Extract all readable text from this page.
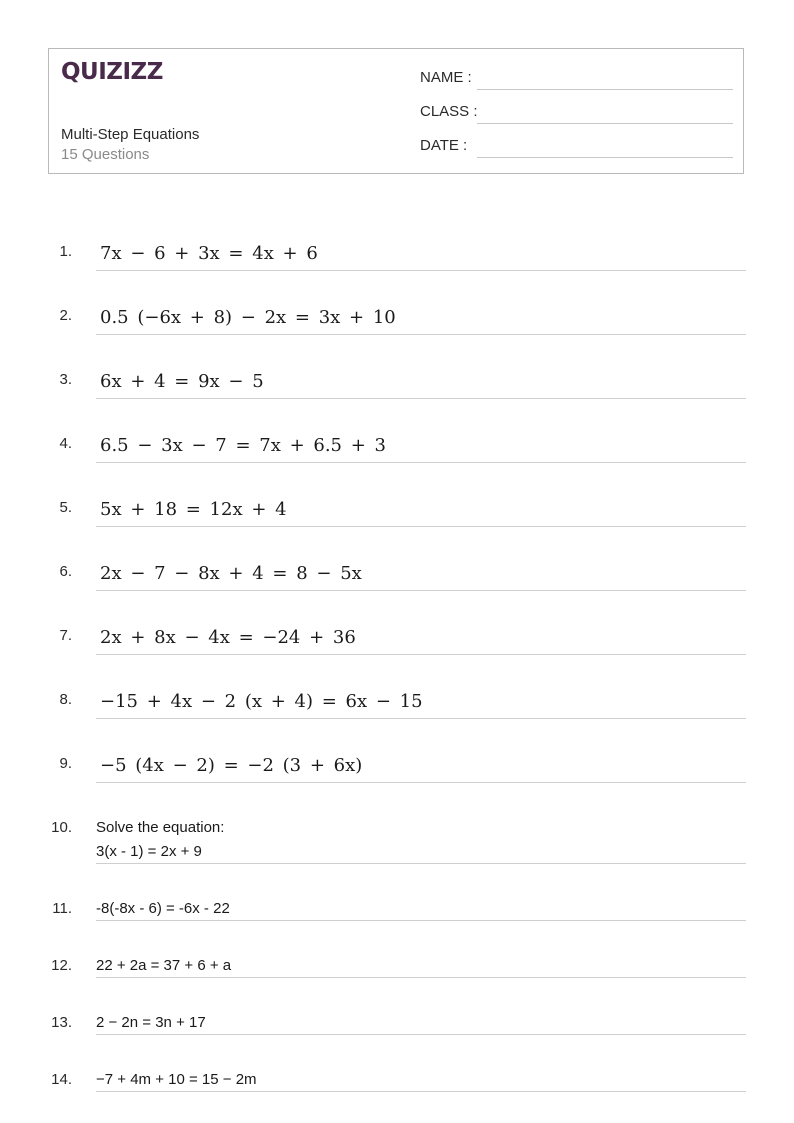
QUIZIZZ
Multi-Step Equations
15 Questions
NAME :
CLASS :
DATE :
1. 7x − 6 + 3x = 4x + 6
2. 0.5 (−6x + 8) − 2x = 3x + 10
3. 6x + 4 = 9x − 5
4. 6.5 − 3x − 7 = 7x + 6.5 + 3
5. 5x + 18 = 12x + 4
6. 2x − 7 − 8x + 4 = 8 − 5x
7. 2x + 8x − 4x = −24 + 36
8. −15 + 4x − 2 (x + 4) = 6x − 15
9. −5 (4x − 2) = −2 (3 + 6x)
10. Solve the equation:
3(x - 1) = 2x + 9
11. -8(-8x - 6) = -6x - 22
12. 22 + 2a = 37 + 6 + a
13. 2 − 2n = 3n + 17
14. −7 + 4m + 10 = 15 − 2m
